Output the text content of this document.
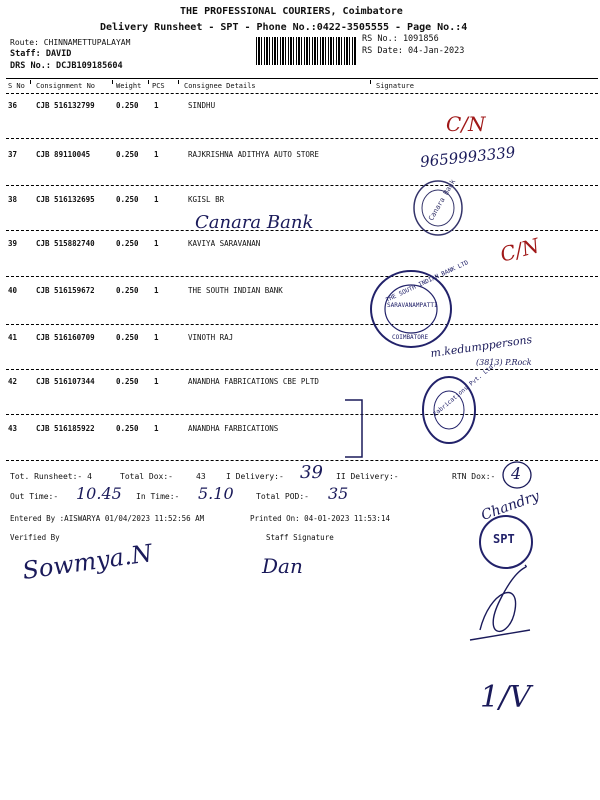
THE PROFESSIONAL COURIERS, Coimbatore
Delivery Runsheet - SPT - Phone No.:0422-3505555 - Page No.:4
Route: CHINNAMETTUPALAYAM
Staff: DAVID
DRS No.: DCJB109185604
RS No.: 1091856
RS Date: 04-Jan-2023
S No Consignment No	Weight PCS	Consignee Details	Signature
36	CJB 516132799	0.250 1	SINDHU
37	CJB 89110045	0.250 1	RAJKRISHNA ADITHYA AUTO STORE
38	CJB 516132695	0.250 1	KGISL BR
39	CJB 515882740	0.250 1	KAVIYA SARAVANAN
40	CJB 516159672	0.250 1	THE SOUTH INDIAN BANK
41	CJB 516160709	0.250 1	VINOTH RAJ
42	CJB 516107344	0.250 1	ANANDHA FABRICATIONS CBE PLTD
43	CJB 516185922	0.250 1	ANANDHA FARBICATIONS
Tot. Runsheet:- 4	Total Dox:-	43	I Delivery:- 39 II Delivery:-	RTN Dox:- 4
Out Time:- 10.45 In Time:- 5.10	Total POD:- 35
Entered By :AISWARYA 01/04/2023 11:52:56 AM	Printed On: 04-01-2023 11:53:14
Verified By	Staff Signature
C/N
9659993339
Canara Bank
C/N
m.kedumppersons
(3813) P.Rock
Sowmya.N	Dan
Chandry
1/V
Canara Bank
THE SOUTH INDIAN BANK LTD
SARAVANAMPATTI
COIMBATORE
Fabrications Pvt. Ltd.
SPT
